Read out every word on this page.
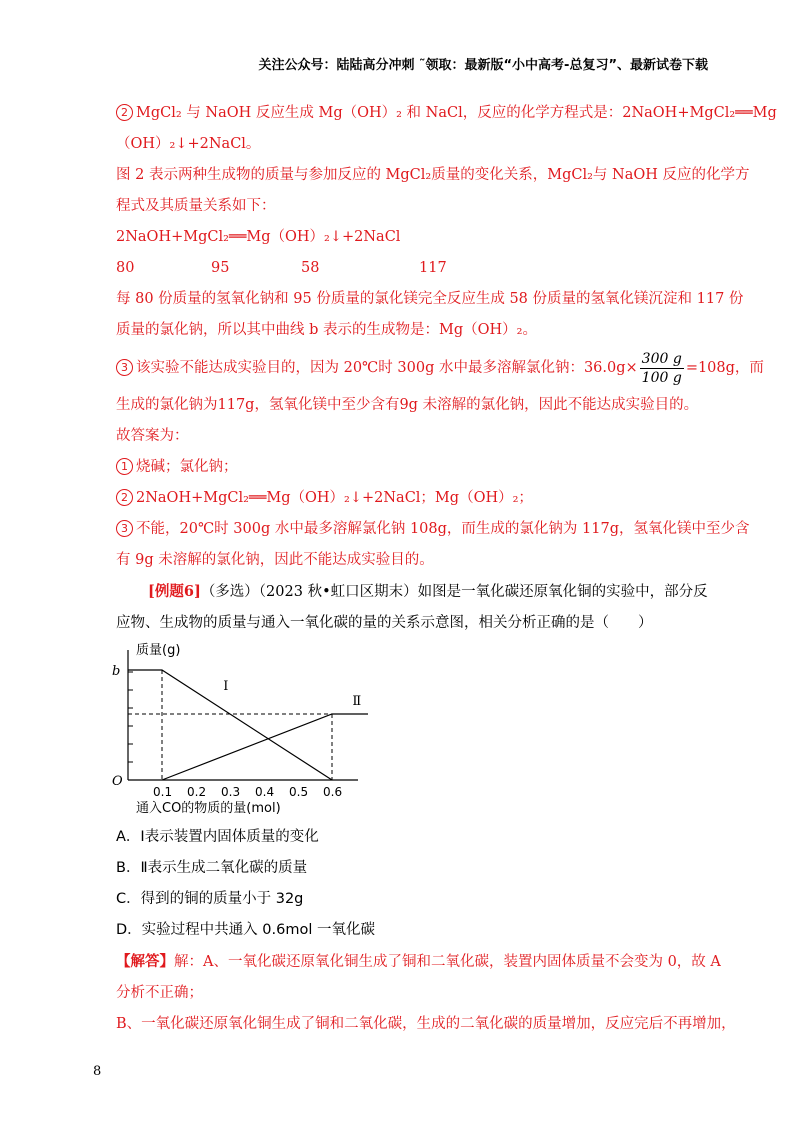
关注公众号：陆陆高分冲刺 ˜领取：最新版“小中高考-总复习”、最新试卷下载

2 MgCl₂ 与 NaOH 反应生成 Mg（OH）₂ 和 NaCl，反应的化学方程式是：2NaOH+MgCl₂══Mg

（OH）₂↓+2NaCl。

图 2 表示两种生成物的质量与参加反应的 MgCl₂质量的变化关系，MgCl₂与 NaOH 反应的化学方

程式及其质量关系如下：

2NaOH+MgCl₂══Mg（OH）₂↓+2NaCl

80	95	58	117

每 80 份质量的氢氧化钠和 95 份质量的氯化镁完全反应生成 58 份质量的氢氧化镁沉淀和 117 份

质量的氯化钠，所以其中曲线 b 表示的生成物是：Mg（OH）₂。

3 该实验不能达成实验目的，因为 20℃时 300g 水中最多溶解氯化钠：$36.0g\times \frac{300 g}{100 g} =108g$，而

生成的氯化钠为117g，氢氧化镁中至少含有9g 未溶解的氯化钠，因此不能达成实验目的。

故答案为：

1 烧碱；氯化钠；

2 2NaOH+MgCl₂══Mg（OH）₂↓+2NaCl；Mg（OH）₂；

3 不能，20℃时 300g 水中最多溶解氯化钠 108g，而生成的氯化钠为 117g，氢氧化镁中至少含

有 9g 未溶解的氯化钠，因此不能达成实验目的。

[例题6]（多选）（2023 秋•虹口区期末）如图是一氧化碳还原氧化铜的实验中，部分反

应物、生成物的质量与通入一氧化碳的量的关系示意图，相关分析正确的是（　　）

质量(g)
通入CO的物质的量(mol)
O
b
0.1 0.2 0.3 0.4 0.5 0.6
Ⅰ
Ⅱ

A．Ⅰ表示装置内固体质量的变化

B．Ⅱ表示生成二氧化碳的质量

C．得到的铜的质量小于 32g

D．实验过程中共通入 0.6mol 一氧化碳

【解答】解：A、一氧化碳还原氧化铜生成了铜和二氧化碳，装置内固体质量不会变为 0，故 A

分析不正确；

B、一氧化碳还原氧化铜生成了铜和二氧化碳，生成的二氧化碳的质量增加，反应完后不再增加，

8
